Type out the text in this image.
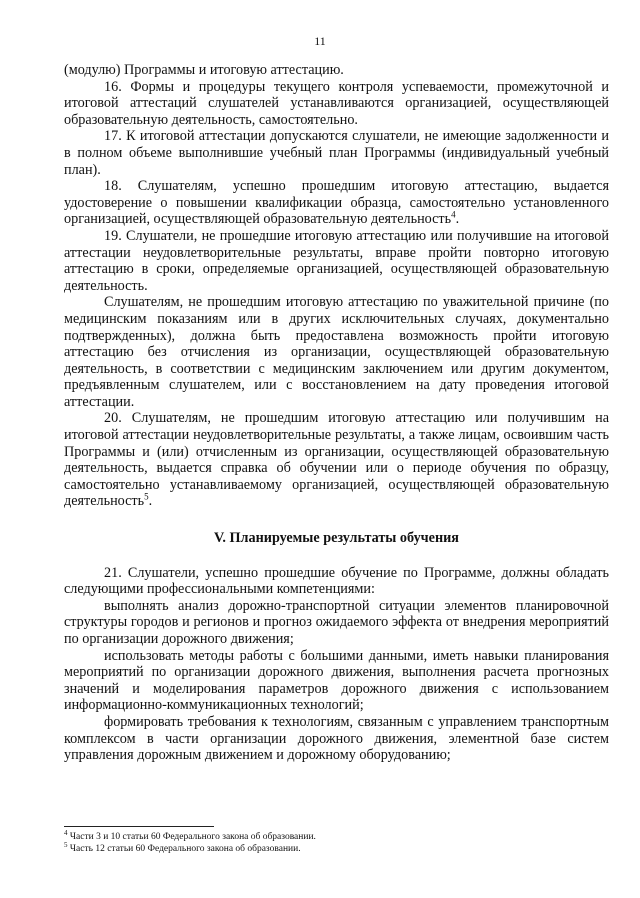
11

(модулю) Программы и итоговую аттестацию.

16. Формы и процедуры текущего контроля успеваемости, промежуточной и итоговой аттестаций слушателей устанавливаются организацией, осуществляющей образовательную деятельность, самостоятельно.

17. К итоговой аттестации допускаются слушатели, не имеющие задолженности и в полном объеме выполнившие учебный план Программы (индивидуальный учебный план).

18. Слушателям, успешно прошедшим итоговую аттестацию, выдается удостоверение о повышении квалификации образца, самостоятельно установленного организацией, осуществляющей образовательную деятельность$^4$.

19. Слушатели, не прошедшие итоговую аттестацию или получившие на итоговой аттестации неудовлетворительные результаты, вправе пройти повторно итоговую аттестацию в сроки, определяемые организацией, осуществляющей образовательную деятельность.

Слушателям, не прошедшим итоговую аттестацию по уважительной причине (по медицинским показаниям или в других исключительных случаях, документально подтвержденных), должна быть предоставлена возможность пройти итоговую аттестацию без отчисления из организации, осуществляющей образовательную деятельность, в соответствии с медицинским заключением или другим документом, предъявленным слушателем, или с восстановлением на дату проведения итоговой аттестации.

20. Слушателям, не прошедшим итоговую аттестацию или получившим на итоговой аттестации неудовлетворительные результаты, а также лицам, освоившим часть Программы и (или) отчисленным из организации, осуществляющей образовательную деятельность, выдается справка об обучении или о периоде обучения по образцу, самостоятельно устанавливаемому организацией, осуществляющей образовательную деятельность$^5$.

V. Планируемые результаты обучения

21. Слушатели, успешно прошедшие обучение по Программе, должны обладать следующими профессиональными компетенциями:

выполнять анализ дорожно-транспортной ситуации элементов планировочной структуры городов и регионов и прогноз ожидаемого эффекта от внедрения мероприятий по организации дорожного движения;

использовать методы работы с большими данными, иметь навыки планирования мероприятий по организации дорожного движения, выполнения расчета прогнозных значений и моделирования параметров дорожного движения с использованием информационно-коммуникационных технологий;

формировать требования к технологиям, связанным с управлением транспортным комплексом в части организации дорожного движения, элементной базе систем управления дорожным движением и дорожному оборудованию;

$^4$ Части 3 и 10 статьи 60 Федерального закона об образовании.
$^5$ Часть 12 статьи 60 Федерального закона об образовании.
